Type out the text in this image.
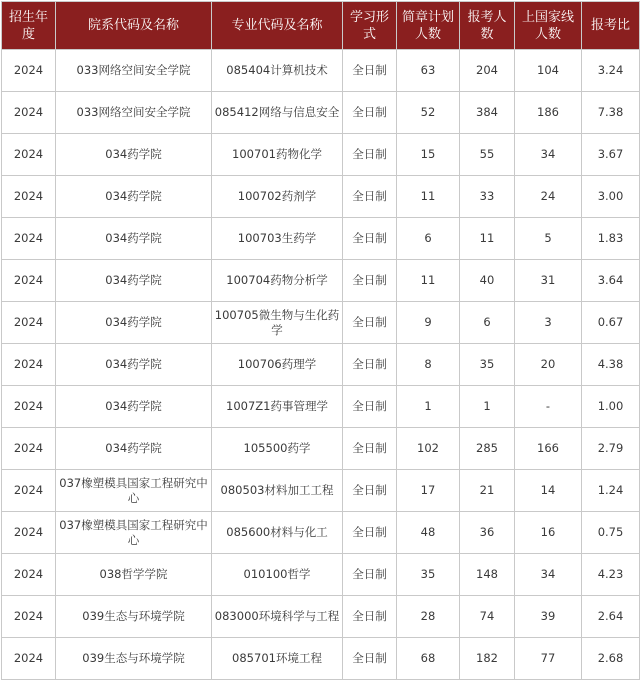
招生年度	院系代码及名称	专业代码及名称	学习形式	简章计划人数	报考人数	上国家线人数	报考比
2024	033网络空间安全学院	085404计算机技术	全日制	63	204	104	3.24
2024	033网络空间安全学院	085412网络与信息安全	全日制	52	384	186	7.38
2024	034药学院	100701药物化学	全日制	15	55	34	3.67
2024	034药学院	100702药剂学	全日制	11	33	24	3.00
2024	034药学院	100703生药学	全日制	6	11	5	1.83
2024	034药学院	100704药物分析学	全日制	11	40	31	3.64
2024	034药学院	100705微生物与生化药学	全日制	9	6	3	0.67
2024	034药学院	100706药理学	全日制	8	35	20	4.38
2024	034药学院	1007Z1药事管理学	全日制	1	1	-	1.00
2024	034药学院	105500药学	全日制	102	285	166	2.79
2024	037橡塑模具国家工程研究中心	080503材料加工工程	全日制	17	21	14	1.24
2024	037橡塑模具国家工程研究中心	085600材料与化工	全日制	48	36	16	0.75
2024	038哲学学院	010100哲学	全日制	35	148	34	4.23
2024	039生态与环境学院	083000环境科学与工程	全日制	28	74	39	2.64
2024	039生态与环境学院	085701环境工程	全日制	68	182	77	2.68
